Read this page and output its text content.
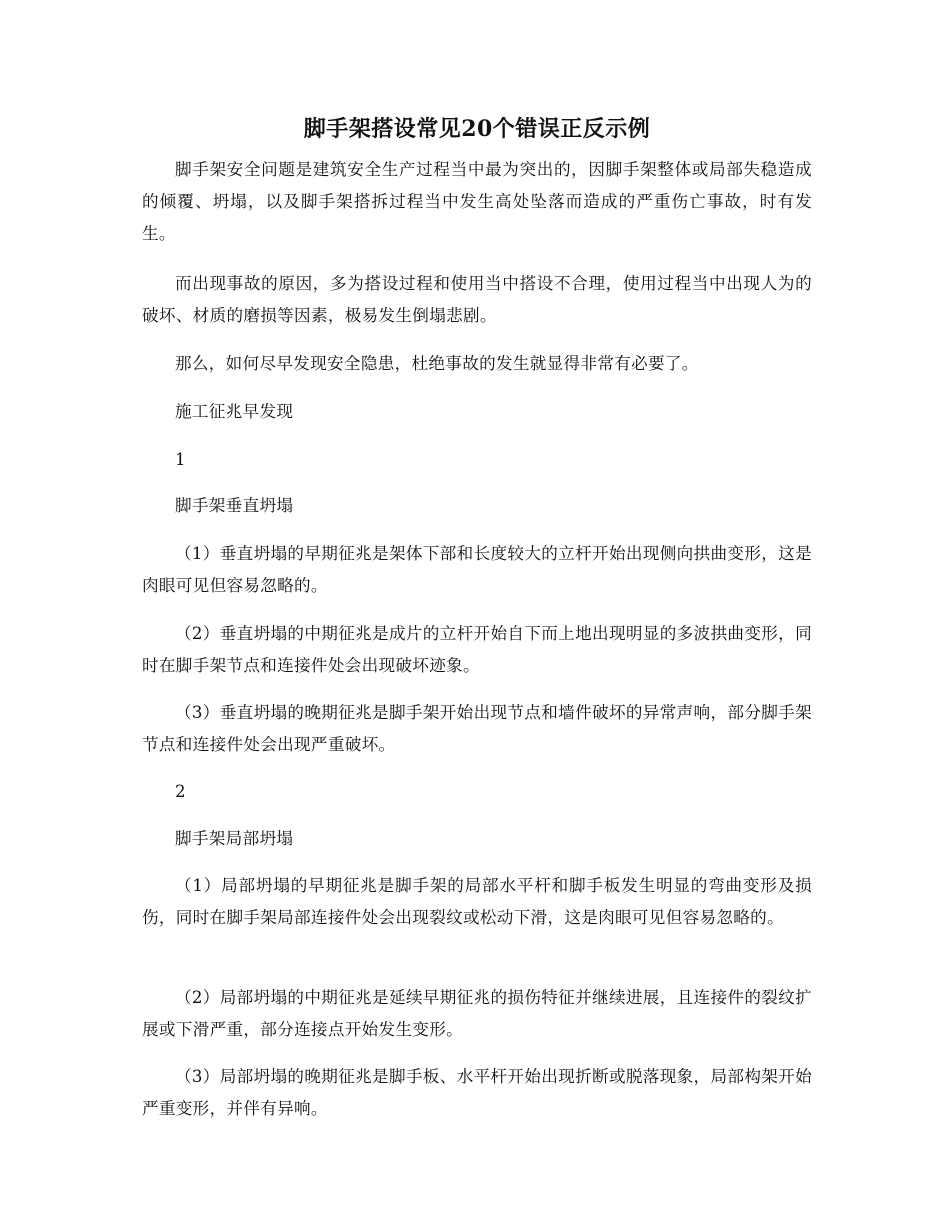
脚手架搭设常见20个错误正反示例

脚手架安全问题是建筑安全生产过程当中最为突出的，因脚手架整体或局部失稳造成的倾覆、坍塌，以及脚手架搭拆过程当中发生高处坠落而造成的严重伤亡事故，时有发生。

而出现事故的原因，多为搭设过程和使用当中搭设不合理，使用过程当中出现人为的破坏、材质的磨损等因素，极易发生倒塌悲剧。

那么，如何尽早发现安全隐患，杜绝事故的发生就显得非常有必要了。

施工征兆早发现

1

脚手架垂直坍塌

（1）垂直坍塌的早期征兆是架体下部和长度较大的立杆开始出现侧向拱曲变形，这是肉眼可见但容易忽略的。

（2）垂直坍塌的中期征兆是成片的立杆开始自下而上地出现明显的多波拱曲变形，同时在脚手架节点和连接件处会出现破坏迹象。

（3）垂直坍塌的晚期征兆是脚手架开始出现节点和墙件破坏的异常声响，部分脚手架节点和连接件处会出现严重破坏。

2

脚手架局部坍塌

（1）局部坍塌的早期征兆是脚手架的局部水平杆和脚手板发生明显的弯曲变形及损伤，同时在脚手架局部连接件处会出现裂纹或松动下滑，这是肉眼可见但容易忽略的。

（2）局部坍塌的中期征兆是延续早期征兆的损伤特征并继续进展，且连接件的裂纹扩展或下滑严重，部分连接点开始发生变形。

（3）局部坍塌的晚期征兆是脚手板、水平杆开始出现折断或脱落现象，局部构架开始严重变形，并伴有异响。
